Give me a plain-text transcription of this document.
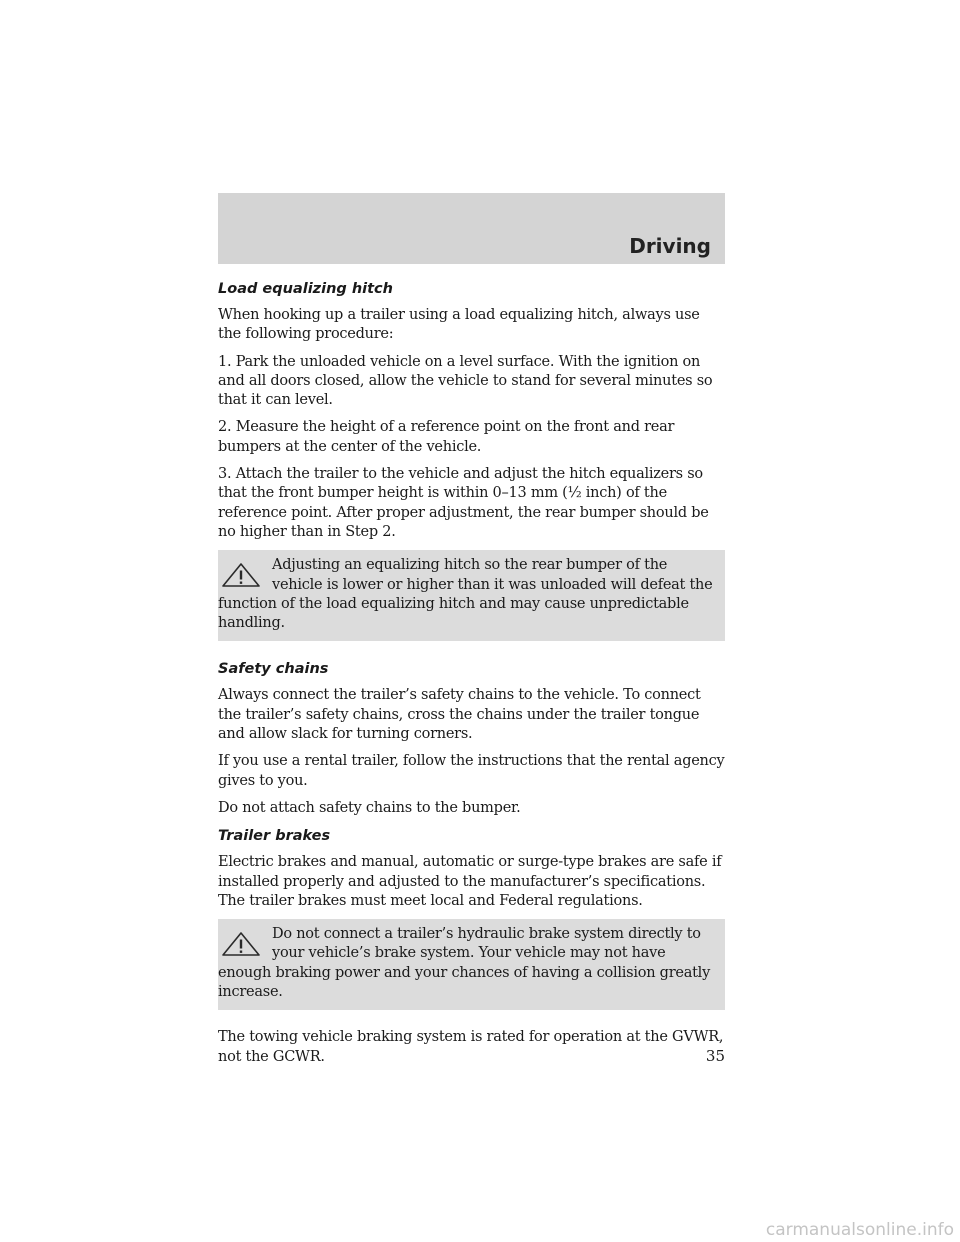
Driving
Load equalizing hitch

When hooking up a trailer using a load equalizing hitch, always use the following procedure:

1. Park the unloaded vehicle on a level surface. With the ignition on and all doors closed, allow the vehicle to stand for several minutes so that it can level.

2. Measure the height of a reference point on the front and rear bumpers at the center of the vehicle.

3. Attach the trailer to the vehicle and adjust the hitch equalizers so that the front bumper height is within 0–13 mm (½ inch) of the reference point. After proper adjustment, the rear bumper should be no higher than in Step 2.

Adjusting an equalizing hitch so the rear bumper of the vehicle is lower or higher than it was unloaded will defeat the function of the load equalizing hitch and may cause unpredictable handling.
Safety chains

Always connect the trailer’s safety chains to the vehicle. To connect the trailer’s safety chains, cross the chains under the trailer tongue and allow slack for turning corners.

If you use a rental trailer, follow the instructions that the rental agency gives to you.

Do not attach safety chains to the bumper.

Trailer brakes

Electric brakes and manual, automatic or surge-type brakes are safe if installed properly and adjusted to the manufacturer’s specifications. The trailer brakes must meet local and Federal regulations.

Do not connect a trailer’s hydraulic brake system directly to your vehicle’s brake system. Your vehicle may not have enough braking power and your chances of having a collision greatly increase.

The towing vehicle braking system is rated for operation at the GVWR, not the GCWR.	35
carmanualsonline.info
